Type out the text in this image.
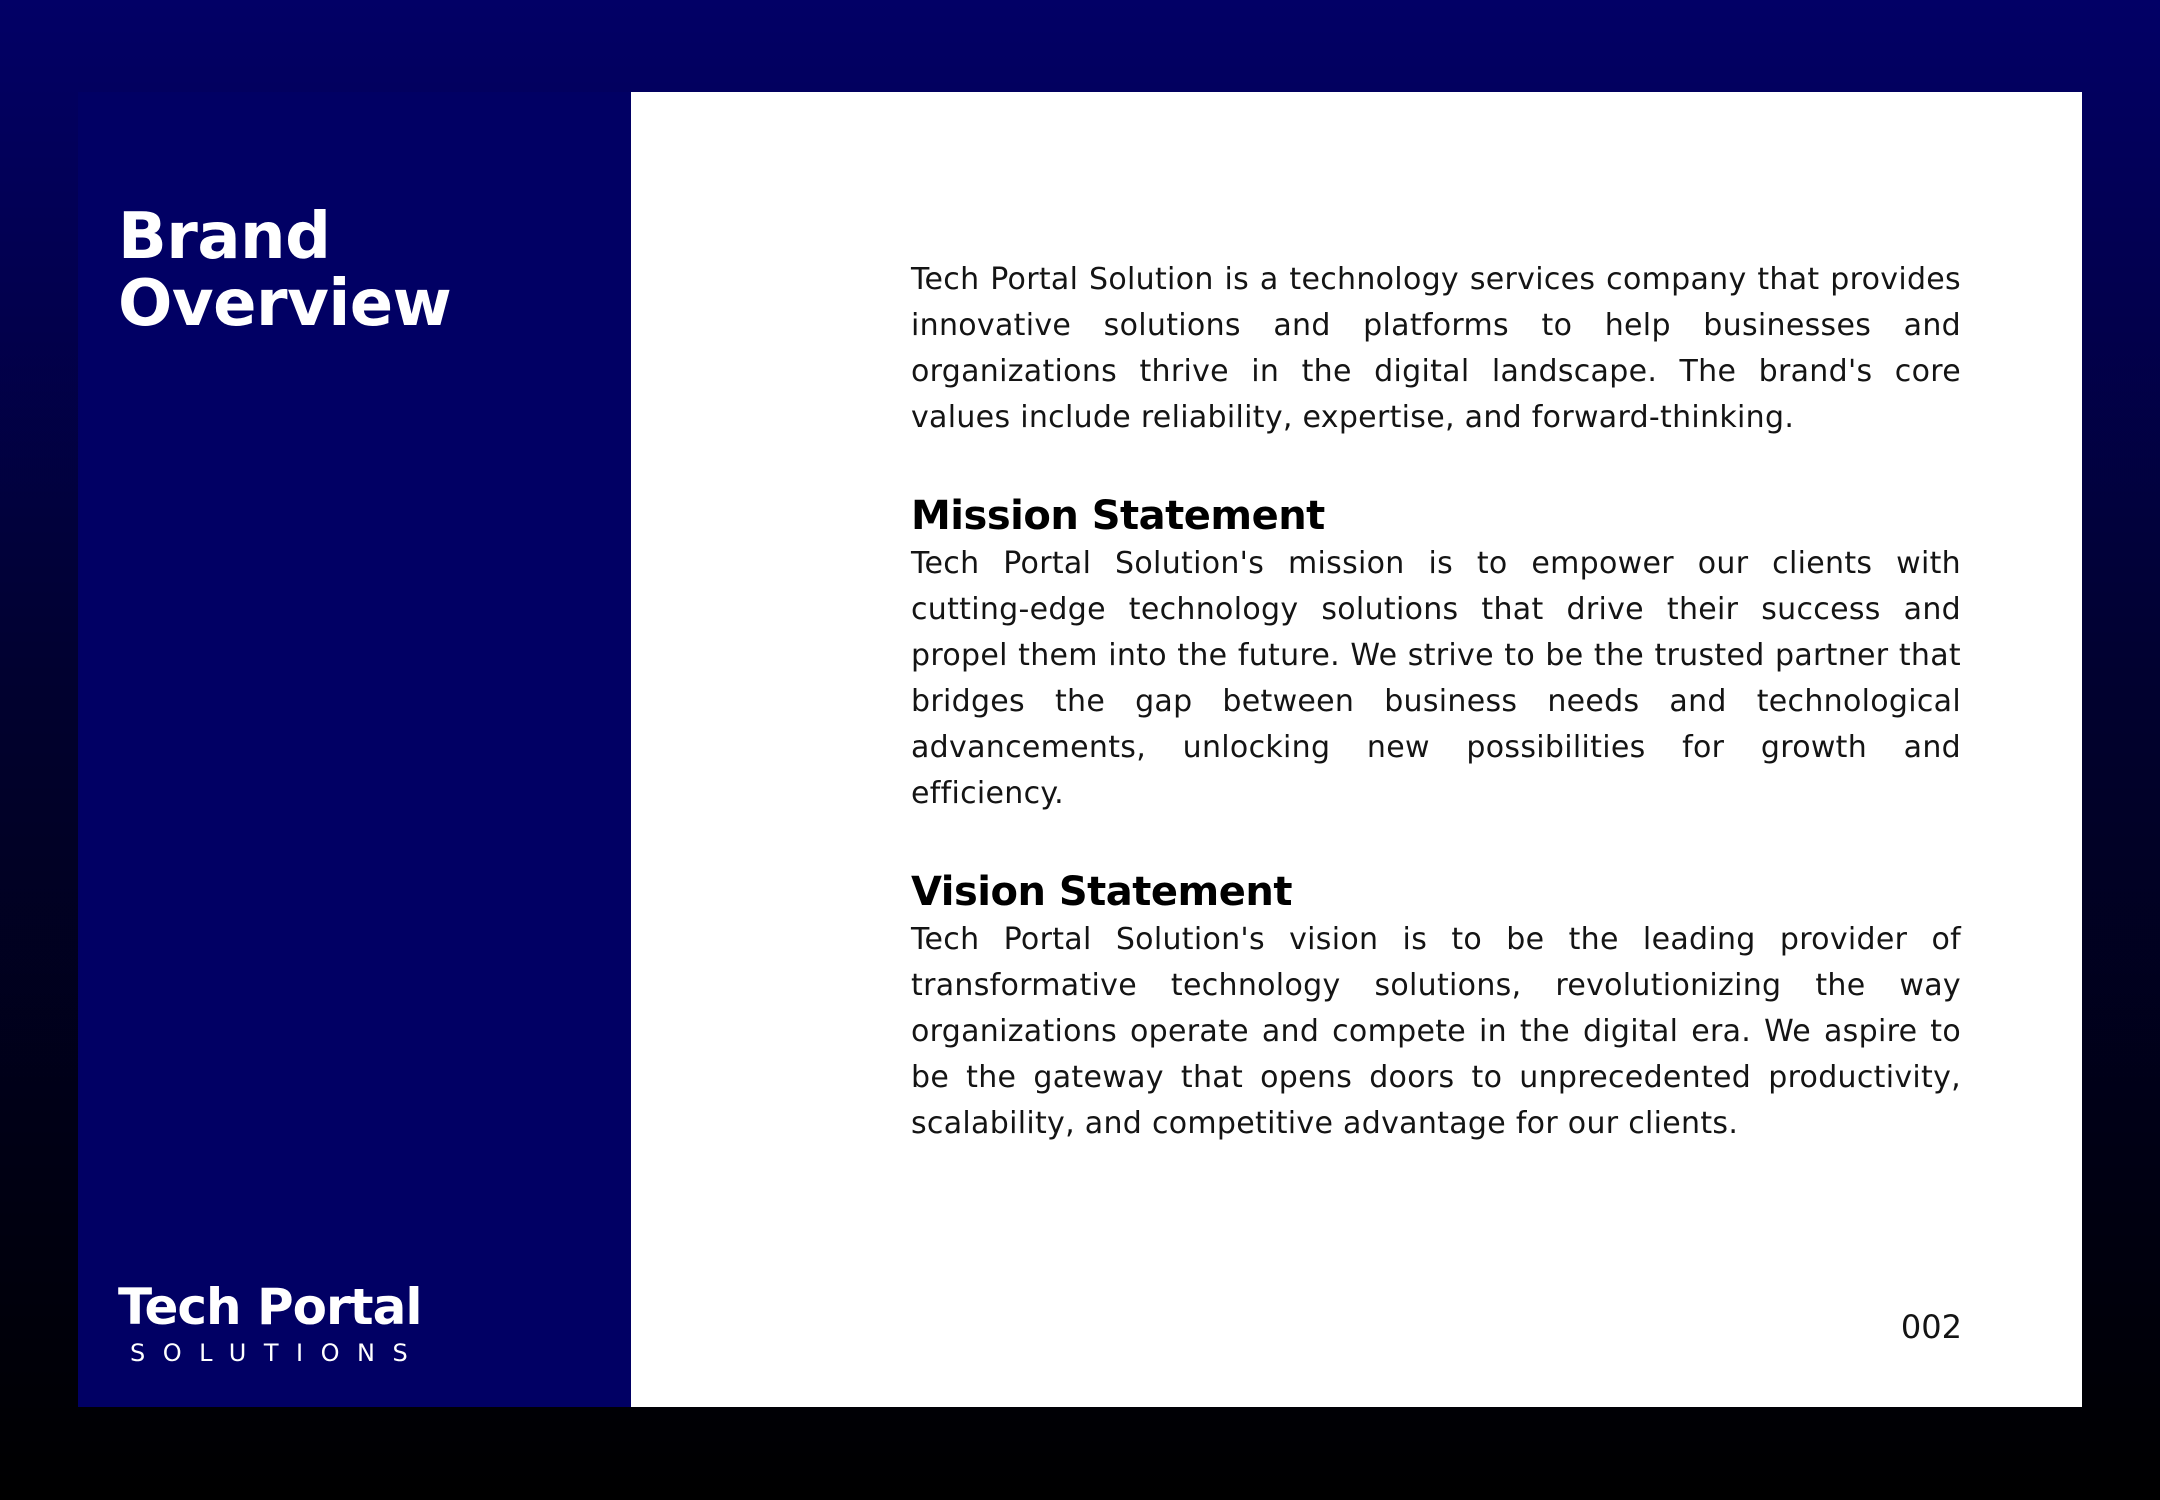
Brand
Overview
Tech Portal
SOLUTIONS

Tech Portal Solution is a technology services company that provides innovative solutions and platforms to help businesses and organizations thrive in the digital landscape. The brand's core values include reliability, expertise, and forward-thinking.

Mission Statement

Tech Portal Solution's mission is to empower our clients with cutting-edge technology solutions that drive their success and propel them into the future. We strive to be the trusted partner that bridges the gap between business needs and technological advancements, unlocking new possibilities for growth and efficiency.

Vision Statement

Tech Portal Solution's vision is to be the leading provider of transformative technology solutions, revolutionizing the way organizations operate and compete in the digital era. We aspire to be the gateway that opens doors to unprecedented productivity, scalability, and competitive advantage for our clients.

002
